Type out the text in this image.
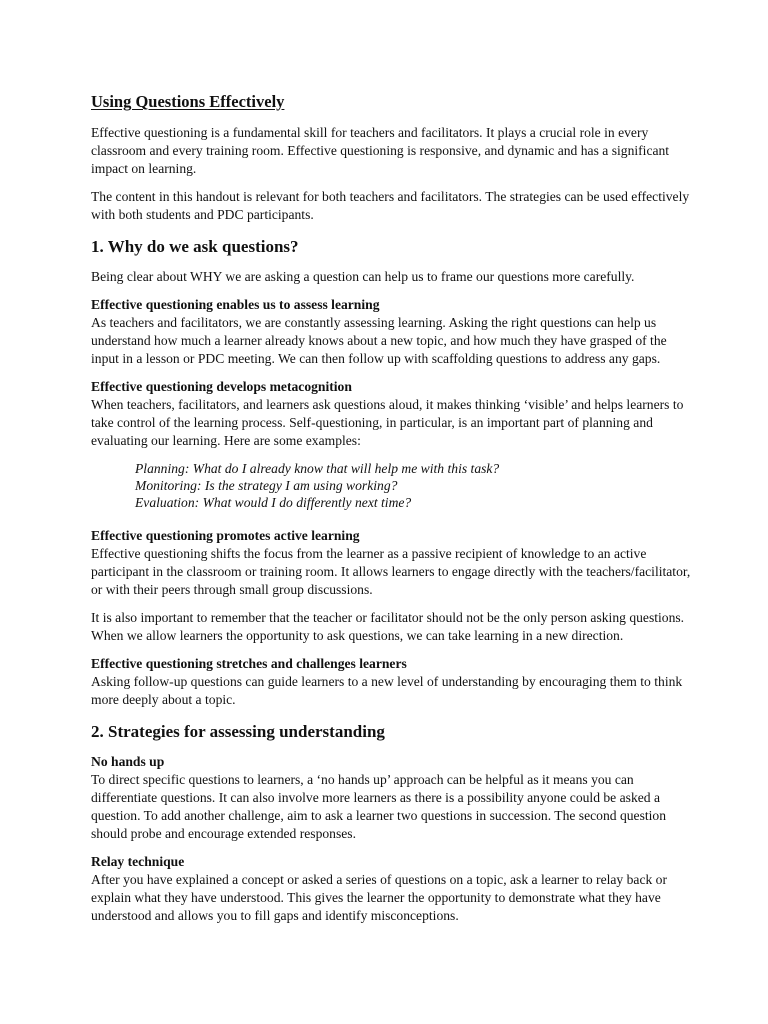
Using Questions Effectively

Effective questioning is a fundamental skill for teachers and facilitators. It plays a crucial role in every classroom and every training room. Effective questioning is responsive, and dynamic and has a significant impact on learning.

The content in this handout is relevant for both teachers and facilitators. The strategies can be used effectively with both students and PDC participants.

1. Why do we ask questions?

Being clear about WHY we are asking a question can help us to frame our questions more carefully.

Effective questioning enables us to assess learning

As teachers and facilitators, we are constantly assessing learning. Asking the right questions can help us understand how much a learner already knows about a new topic, and how much they have grasped of the input in a lesson or PDC meeting. We can then follow up with scaffolding questions to address any gaps.

Effective questioning develops metacognition

When teachers, facilitators, and learners ask questions aloud, it makes thinking ‘visible’ and helps learners to take control of the learning process. Self-questioning, in particular, is an important part of planning and evaluating our learning. Here are some examples:

Planning: What do I already know that will help me with this task?
Monitoring: Is the strategy I am using working?
Evaluation: What would I do differently next time?
Effective questioning promotes active learning

Effective questioning shifts the focus from the learner as a passive recipient of knowledge to an active participant in the classroom or training room. It allows learners to engage directly with the teachers/facilitator, or with their peers through small group discussions.

It is also important to remember that the teacher or facilitator should not be the only person asking questions. When we allow learners the opportunity to ask questions, we can take learning in a new direction.

Effective questioning stretches and challenges learners

Asking follow-up questions can guide learners to a new level of understanding by encouraging them to think more deeply about a topic.

2. Strategies for assessing understanding
No hands up

To direct specific questions to learners, a ‘no hands up’ approach can be helpful as it means you can differentiate questions. It can also involve more learners as there is a possibility anyone could be asked a question. To add another challenge, aim to ask a learner two questions in succession. The second question should probe and encourage extended responses.

Relay technique

After you have explained a concept or asked a series of questions on a topic, ask a learner to relay back or explain what they have understood. This gives the learner the opportunity to demonstrate what they have understood and allows you to fill gaps and identify misconceptions.
